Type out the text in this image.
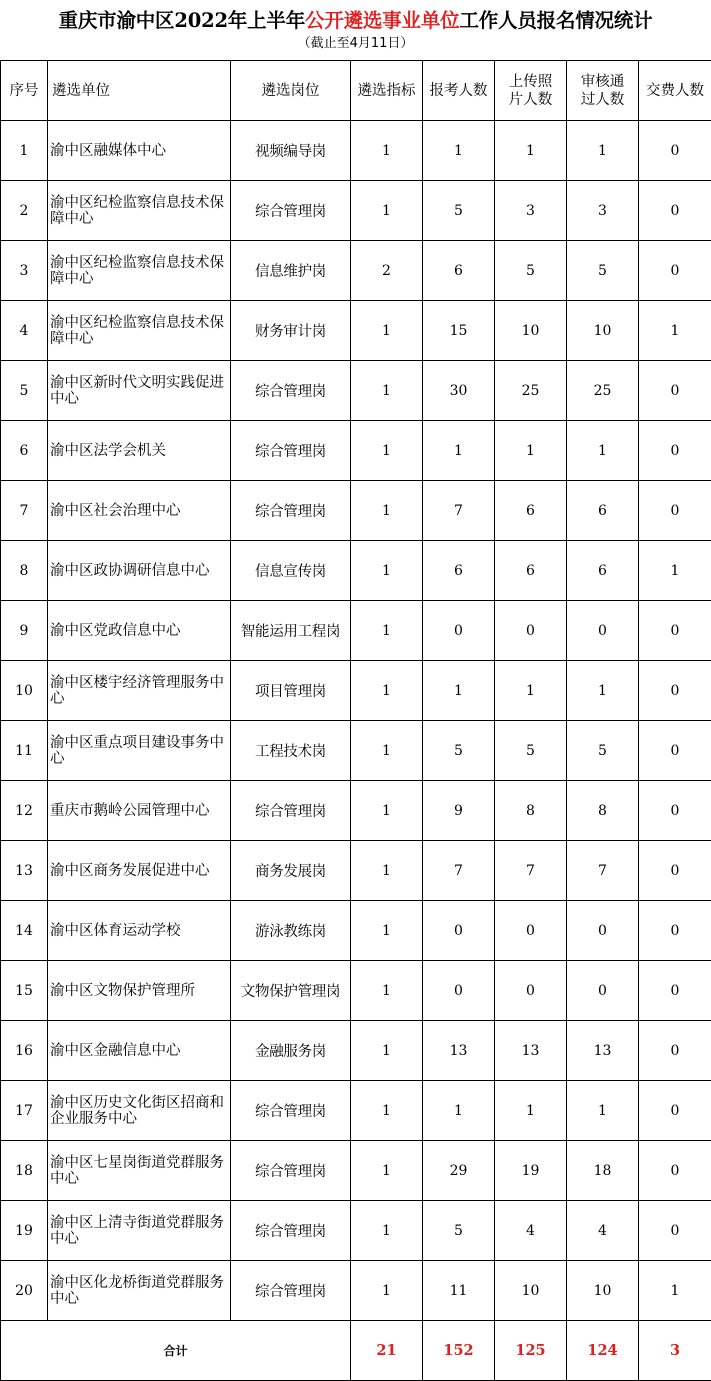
重庆市渝中区2022年上半年公开遴选事业单位工作人员报名情况统计
（截止至4月11日）
序号	遴选单位	遴选岗位	遴选指标	报考人数	上传照片人数	审核通过人数	交费人数
1	渝中区融媒体中心	视频编导岗	1	1	1	1	0
2	渝中区纪检监察信息技术保障中心	综合管理岗	1	5	3	3	0
3	渝中区纪检监察信息技术保障中心	信息维护岗	2	6	5	5	0
4	渝中区纪检监察信息技术保障中心	财务审计岗	1	15	10	10	1
5	渝中区新时代文明实践促进中心	综合管理岗	1	30	25	25	0
6	渝中区法学会机关	综合管理岗	1	1	1	1	0
7	渝中区社会治理中心	综合管理岗	1	7	6	6	0
8	渝中区政协调研信息中心	信息宣传岗	1	6	6	6	1
9	渝中区党政信息中心	智能运用工程岗	1	0	0	0	0
10	渝中区楼宇经济管理服务中心	项目管理岗	1	1	1	1	0
11	渝中区重点项目建设事务中心	工程技术岗	1	5	5	5	0
12	重庆市鹅岭公园管理中心	综合管理岗	1	9	8	8	0
13	渝中区商务发展促进中心	商务发展岗	1	7	7	7	0
14	渝中区体育运动学校	游泳教练岗	1	0	0	0	0
15	渝中区文物保护管理所	文物保护管理岗	1	0	0	0	0
16	渝中区金融信息中心	金融服务岗	1	13	13	13	0
17	渝中区历史文化街区招商和企业服务中心	综合管理岗	1	1	1	1	0
18	渝中区七星岗街道党群服务中心	综合管理岗	1	29	19	18	0
19	渝中区上清寺街道党群服务中心	综合管理岗	1	5	4	4	0
20	渝中区化龙桥街道党群服务中心	综合管理岗	1	11	10	10	1
合计			21	152	125	124	3
